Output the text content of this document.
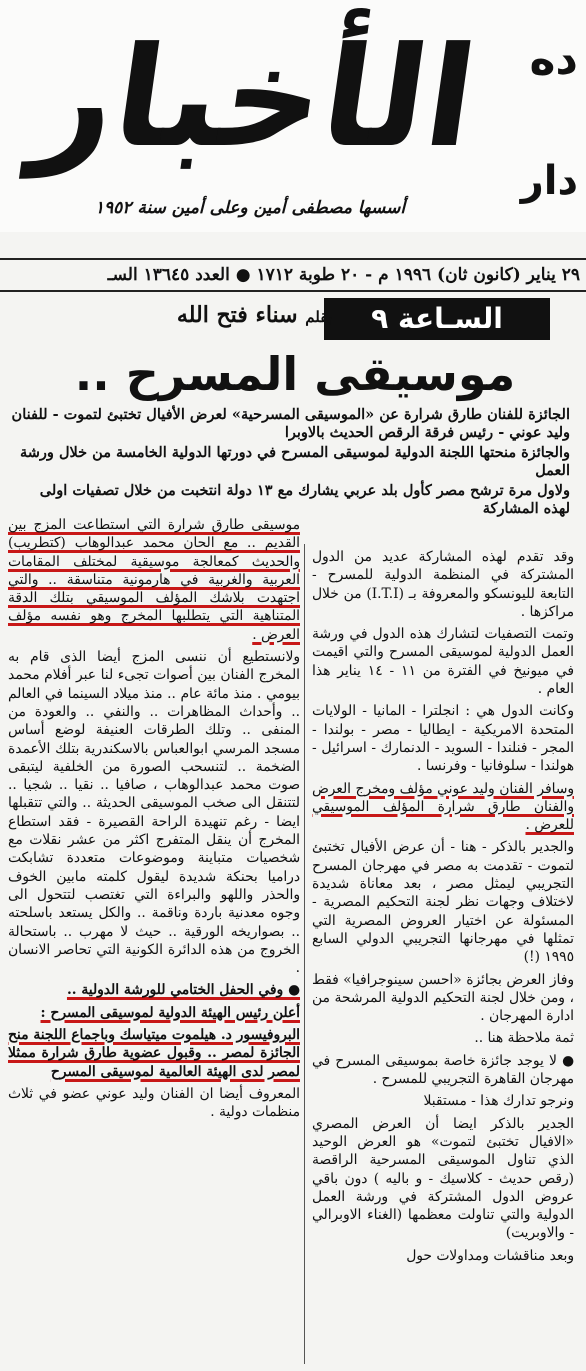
الأخبار	ده
دار
أسسها مصطفى أمين وعلى أمين سنة ١٩٥٢
٢٩ يناير (كانون ثان) ١٩٩٦ م - ٢٠ طوبة ١٧١٢ ● العدد ١٣٦٤٥ السـ
السـاعة ٩
بقلم سناء فتح الله
موسيقى المسرح ..

الجائزة للفنان طارق شرارة عن «الموسيقى المسرحية» لعرض الأفيال تختبئ لتموت - للفنان وليد عوني - رئيس فرقة الرقص الحديث بالاوبرا

والجائزة منحتها اللجنة الدولية لموسيقى المسرح في دورتها الدولية الخامسة من خلال ورشة العمل

ولاول مرة ترشح مصر كأول بلد عربي يشارك مع ١٣ دولة انتخبت من خلال تصفيات اولى لهذه المشاركة

وقد تقدم لهذه المشاركة عديد من الدول المشتركة في المنظمة الدولية للمسرح - التابعة لليونسكو والمعروفة بـ (I.T.I) من خلال مراكزها .

وتمت التصفيات لتشارك هذه الدول في ورشة العمل الدولية لموسيقى المسرح والتي اقيمت في ميونيخ في الفترة من ١١ - ١٤ يناير هذا العام .

وكانت الدول هي : انجلترا - المانيا - الولايات المتحدة الامريكية - ايطاليا - مصر - بولندا - المجر - فنلندا - السويد - الدنمارك - اسرائيل - هولندا - سلوفانيا - وفرنسا .

وسافر الفنان وليد عوني مؤلف ومخرج العرض والفنان طارق شرارة المؤلف الموسيقي للعرض .

والجدير بالذكر - هنا - أن عرض الأفيال تختبئ لتموت - تقدمت به مصر في مهرجان المسرح التجريبي ليمثل مصر ، بعد معاناة شديدة لاختلاف وجهات نظر لجنة التحكيم المصرية - المسئولة عن اختيار العروض المصرية التي تمثلها في مهرجانها التجريبي الدولي السابع ١٩٩٥ (!)

وفاز العرض بجائزة «احسن سينوجرافيا» فقط ، ومن خلال لجنة التحكيم الدولية المرشحة من ادارة المهرجان .

ثمة ملاحظة هنا ..

● لا يوجد جائزة خاصة بموسيقى المسرح في مهرجان القاهرة التجريبي للمسرح .

ونرجو تدارك هذا - مستقبلا

الجدير بالذكر ايضا أن العرض المصري «الافيال تختبئ لتموت» هو العرض الوحيد الذي تناول الموسيقى المسرحية الراقصة (رقص حديث - كلاسيك - و باليه ) دون باقي عروض الدول المشتركة في ورشة العمل الدولية والتي تناولت معظمها (الغناء الاوبرالي - والاوبريت)

وبعد مناقشات ومداولات حول

موسيقى طارق شرارة التي استطاعت المزج بين القديم .. مع الحان محمد عبدالوهاب (كتطريب) والحديث كمعالجة موسيقية لمختلف المقامات العربية والغربية في هارمونية متناسقة .. والتي اجتهدت بلاشك المؤلف الموسيقي بتلك الدقة المتناهية التي يتطلبها المخرج وهو نفسه مؤلف العرض .

ولانستطيع أن ننسى المزج أيضا الذى قام به المخرج الفنان بين أصوات تجىء لنا عبر أفلام محمد بيومي . منذ مائة عام .. منذ ميلاد السينما في العالم .. وأحداث المظاهرات .. والنفي .. والعودة من المنفى .. وتلك الطرقات العنيفة لوضع أساس مسجد المرسي ابوالعباس بالاسكندرية بتلك الأعمدة الضخمة .. لتنسحب الصورة من الخلفية ليتبقى صوت محمد عبدالوهاب ، صافيا .. نقيا .. شجيا .. لتتنقل الى صخب الموسيقى الحديثة .. والتي تتقبلها ايضا - رغم تنهيدة الراحة القصيرة - فقد استطاع المخرج أن ينقل المتفرج اكثر من عشر نقلات مع شخصيات متباينة وموضوعات متعددة تشابكت دراميا بحنكة شديدة ليقول كلمته مابين الخوف والحذر واللهو والبراءة التي تغتصب لتتحول الى وجوه معدنية باردة وناقمة .. والكل يستعد باسلحته .. بصواريخه الورقية .. حيث لا مهرب .. باستحالة الخروج من هذه الدائرة الكونية التي تحاصر الانسان .

● وفي الحفل الختامي للورشة الدولية ..

أعلن رئيس الهيئة الدولية لموسيقى المسرح :

البروفيسور د. هيلموت ميتياسك وباجماع اللجنة منح الجائزة لمصر .. وقبول عضوية طارق شرارة ممثلا لمصر لدى الهيئة العالمية لموسيقى المسرح

المعروف أيضا ان الفنان وليد عوني عضو في ثلاث منظمات دولية .
